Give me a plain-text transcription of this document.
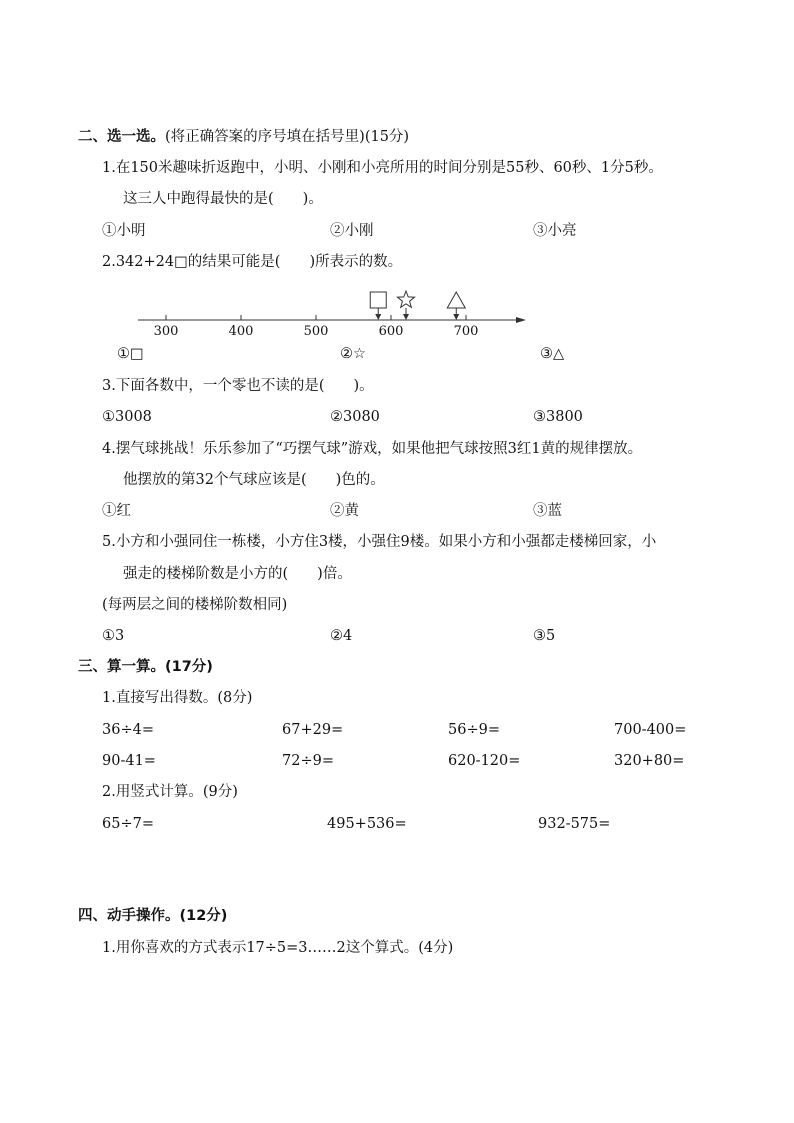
二、选一选。(将正确答案的序号填在括号里)(15分)
1.在150米趣味折返跑中，小明、小刚和小亮所用的时间分别是55秒、60秒、1分5秒。
这三人中跑得最快的是(　　)。
①小明	②小刚	③小亮
2.342+24□的结果可能是(　　)所表示的数。
300	400	500	600	700
①□	②☆	③△
3.下面各数中，一个零也不读的是(　　)。
①3008	②3080	③3800
4.摆气球挑战！乐乐参加了“巧摆气球”游戏，如果他把气球按照3红1黄的规律摆放。
他摆放的第32个气球应该是(　　)色的。
①红	②黄	③蓝
5.小方和小强同住一栋楼，小方住3楼，小强住9楼。如果小方和小强都走楼梯回家，小
强走的楼梯阶数是小方的(　　)倍。
(每两层之间的楼梯阶数相同)
①3	②4	③5
三、算一算。(17分)
1.直接写出得数。(8分)
36÷4=	67+29=	56÷9=	700-400=
90-41=	72÷9=	620-120=	320+80=
2.用竖式计算。(9分)
65÷7=	495+536=	932-575=
四、动手操作。(12分)
1.用你喜欢的方式表示17÷5=3……2这个算式。(4分)
